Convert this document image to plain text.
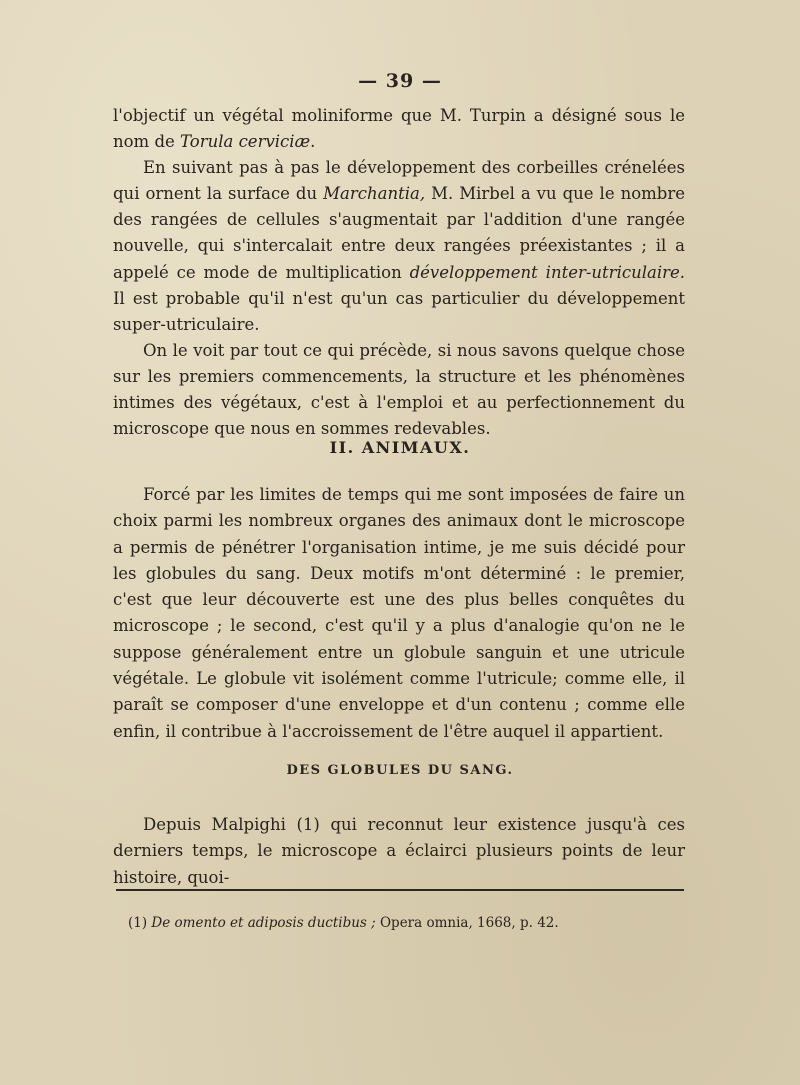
— 39 —

l'objectif un végétal moliniforme que M. Turpin a désigné sous le nom de Torula cerviciæ.

En suivant pas à pas le développement des corbeilles crénelées qui ornent la surface du Marchantia, M. Mirbel a vu que le nombre des rangées de cellules s'augmentait par l'addition d'une rangée nouvelle, qui s'intercalait entre deux rangées préexistantes ; il a appelé ce mode de multiplication développement inter-utriculaire. Il est probable qu'il n'est qu'un cas particulier du développement super-utriculaire.

On le voit par tout ce qui précède, si nous savons quelque chose sur les premiers commencements, la structure et les phénomènes intimes des végétaux, c'est à l'emploi et au perfectionnement du microscope que nous en sommes redevables.

II. ANIMAUX.

Forcé par les limites de temps qui me sont imposées de faire un choix parmi les nombreux organes des animaux dont le microscope a permis de pénétrer l'organisation intime, je me suis décidé pour les globules du sang. Deux motifs m'ont déterminé : le premier, c'est que leur découverte est une des plus belles conquêtes du microscope ; le second, c'est qu'il y a plus d'analogie qu'on ne le suppose généralement entre un globule sanguin et une utricule végétale. Le globule vit isolément comme l'utricule; comme elle, il paraît se composer d'une enveloppe et d'un contenu ; comme elle enfin, il contribue à l'accroissement de l'être auquel il appartient.

DES GLOBULES DU SANG.

Depuis Malpighi (1) qui reconnut leur existence jusqu'à ces derniers temps, le microscope a éclairci plusieurs points de leur histoire, quoi-

(1) De omento et adiposis ductibus ; Opera omnia, 1668, p. 42.
